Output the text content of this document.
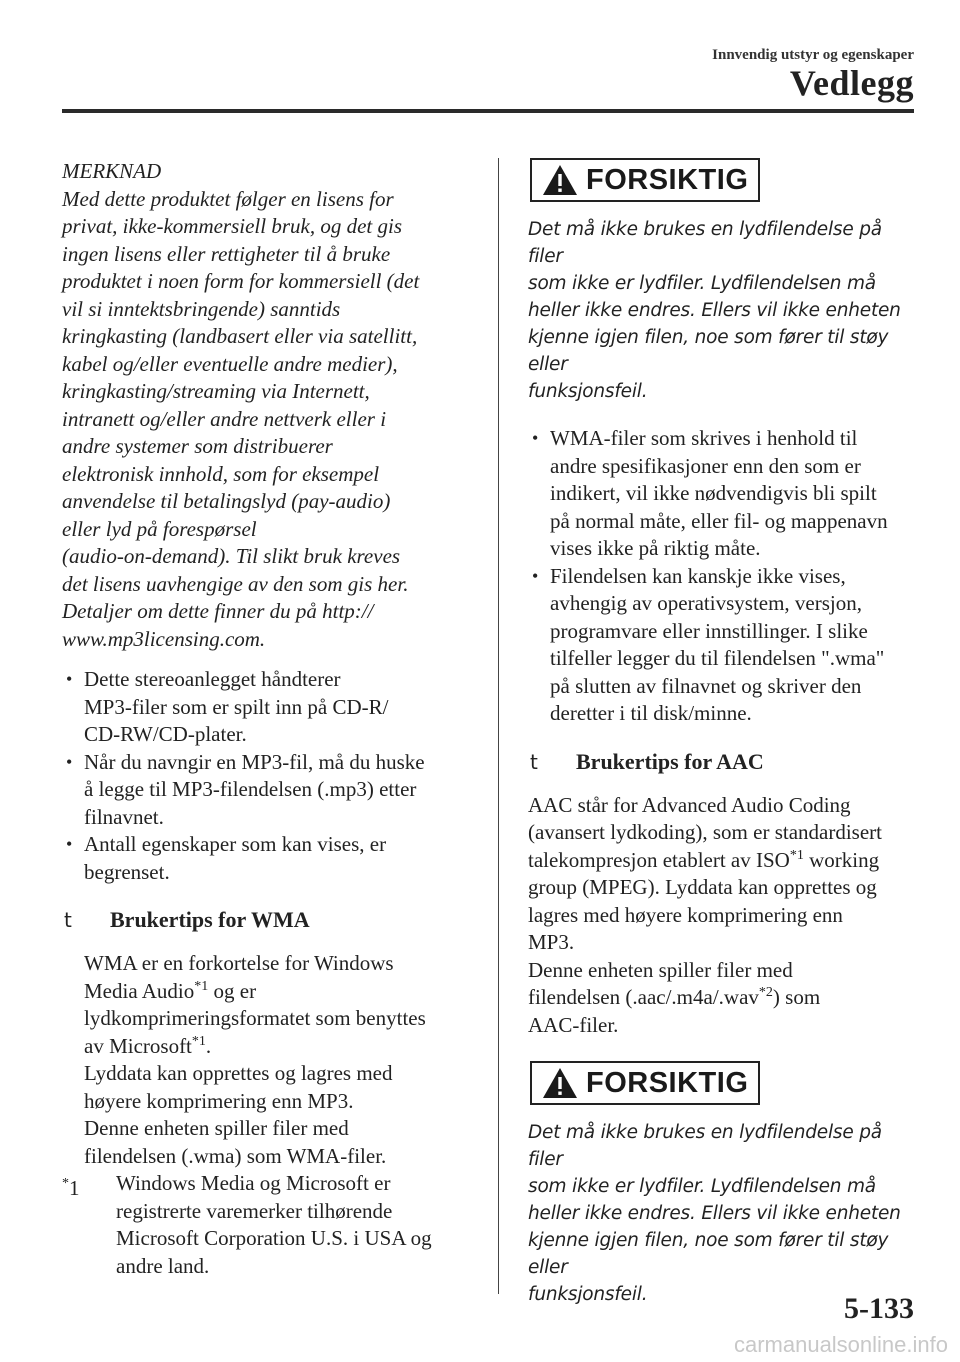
Innvendig utstyr og egenskaper
Vedlegg

MERKNAD

Med dette produktet følger en lisens for

privat, ikke-kommersiell bruk, og det gis

ingen lisens eller rettigheter til å bruke

produktet i noen form for kommersiell (det

vil si inntektsbringende) sanntids

kringkasting (landbasert eller via satellitt,

kabel og/eller eventuelle andre medier),

kringkasting/streaming via Internett,

intranett og/eller andre nettverk eller i

andre systemer som distribuerer

elektronisk innhold, som for eksempel

anvendelse til betalingslyd (pay-audio)

eller lyd på forespørsel

(audio-on-demand). Til slikt bruk kreves

det lisens uavhengige av den som gis her.

Detaljer om dette finner du på http://

www.mp3licensing.com.

• Dette stereoanlegget håndterer
MP3-filer som er spilt inn på CD-R/
CD-RW/CD-plater.
• Når du navngir en MP3-fil, må du huske
å legge til MP3-filendelsen (.mp3) etter
filnavnet.
• Antall egenskaper som kan vises, er
begrenset.
t Brukertips for WMA
WMA er en forkortelse for Windows
Media Audio$^{*1}$ og er
lydkomprimeringsformatet som benyttes
av Microsoft$^{*1}$.
Lyddata kan opprettes og lagres med
høyere komprimering enn MP3.
Denne enheten spiller filer med
filendelsen (.wma) som WMA-filer.
*1 Windows Media og Microsoft er
registrerte varemerker tilhørende
Microsoft Corporation U.S. i USA og
andre land.
FORSIKTIG
Det må ikke brukes en lydfilendelse på filer
som ikke er lydfiler. Lydfilendelsen må
heller ikke endres. Ellers vil ikke enheten
kjenne igjen filen, noe som fører til støy eller
funksjonsfeil.
• WMA-filer som skrives i henhold til
andre spesifikasjoner enn den som er
indikert, vil ikke nødvendigvis bli spilt
på normal måte, eller fil- og mappenavn
vises ikke på riktig måte.
• Filendelsen kan kanskje ikke vises,
avhengig av operativsystem, versjon,
programvare eller innstillinger. I slike
tilfeller legger du til filendelsen ".wma"
på slutten av filnavnet og skriver den
deretter i til disk/minne.
t Brukertips for AAC
AAC står for Advanced Audio Coding
(avansert lydkoding), som er standardisert
talekompresjon etablert av ISO$^{*1}$ working
group (MPEG). Lyddata kan opprettes og
lagres med høyere komprimering enn
MP3.
Denne enheten spiller filer med
filendelsen (.aac/.m4a/.wav$^{*2}$) som
AAC-filer.
FORSIKTIG
Det må ikke brukes en lydfilendelse på filer
som ikke er lydfiler. Lydfilendelsen må
heller ikke endres. Ellers vil ikke enheten
kjenne igjen filen, noe som fører til støy eller
funksjonsfeil.	5-133
carmanualsonline.info
